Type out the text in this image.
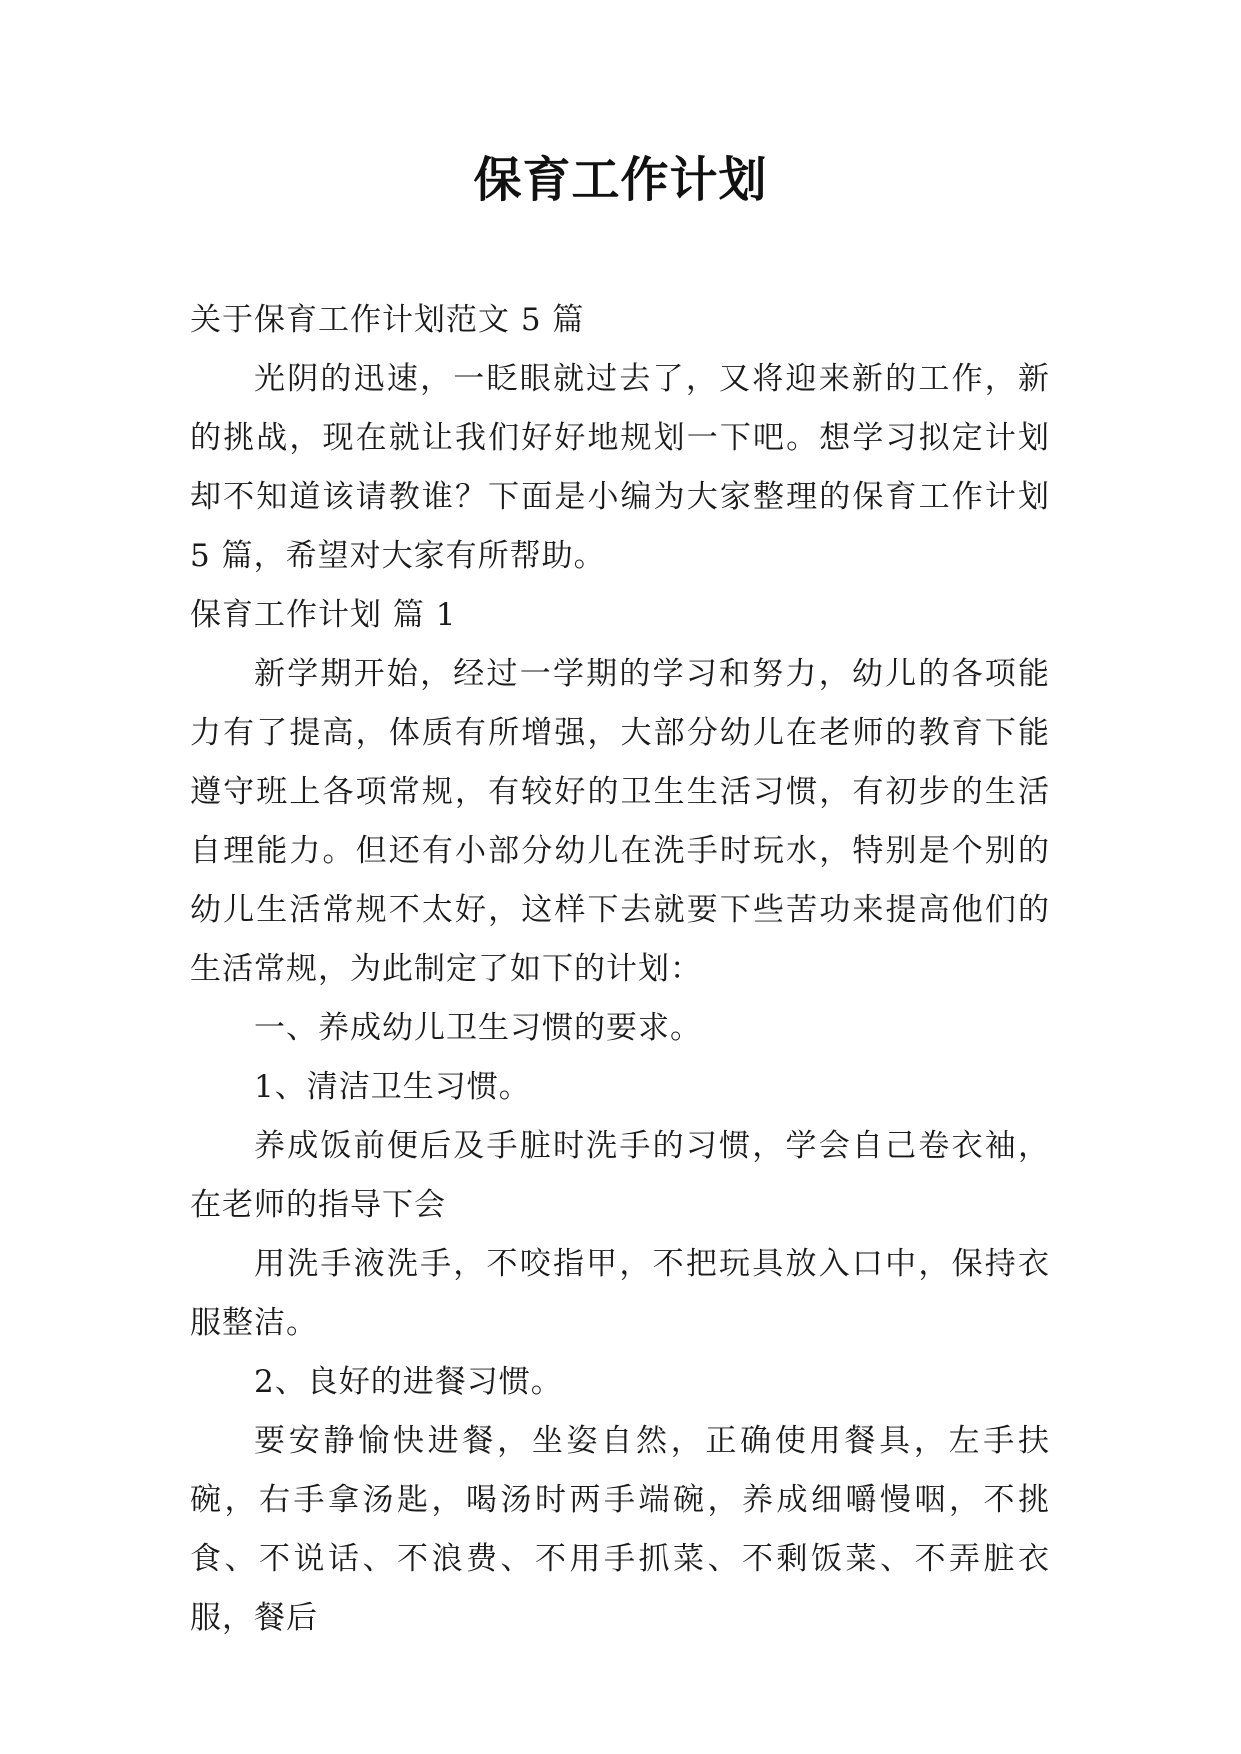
保育工作计划
关于保育工作计划范文 5 篇

光阴的迅速，一眨眼就过去了，又将迎来新的工作，新的挑战，现在就让我们好好地规划一下吧。想学习拟定计划却不知道该请教谁？下面是小编为大家整理的保育工作计划 5 篇，希望对大家有所帮助。

保育工作计划 篇 1

新学期开始，经过一学期的学习和努力，幼儿的各项能力有了提高，体质有所增强，大部分幼儿在老师的教育下能遵守班上各项常规，有较好的卫生生活习惯，有初步的生活自理能力。但还有小部分幼儿在洗手时玩水，特别是个别的幼儿生活常规不太好，这样下去就要下些苦功来提高他们的生活常规，为此制定了如下的计划：

一、养成幼儿卫生习惯的要求。
1、清洁卫生习惯。

养成饭前便后及手脏时洗手的习惯，学会自己卷衣袖，在老师的指导下会

用洗手液洗手，不咬指甲，不把玩具放入口中，保持衣服整洁。

2、良好的进餐习惯。

要安静愉快进餐，坐姿自然，正确使用餐具，左手扶碗，右手拿汤匙，喝汤时两手端碗，养成细嚼慢咽，不挑食、不说话、不浪费、不用手抓菜、不剩饭菜、不弄脏衣服，餐后
